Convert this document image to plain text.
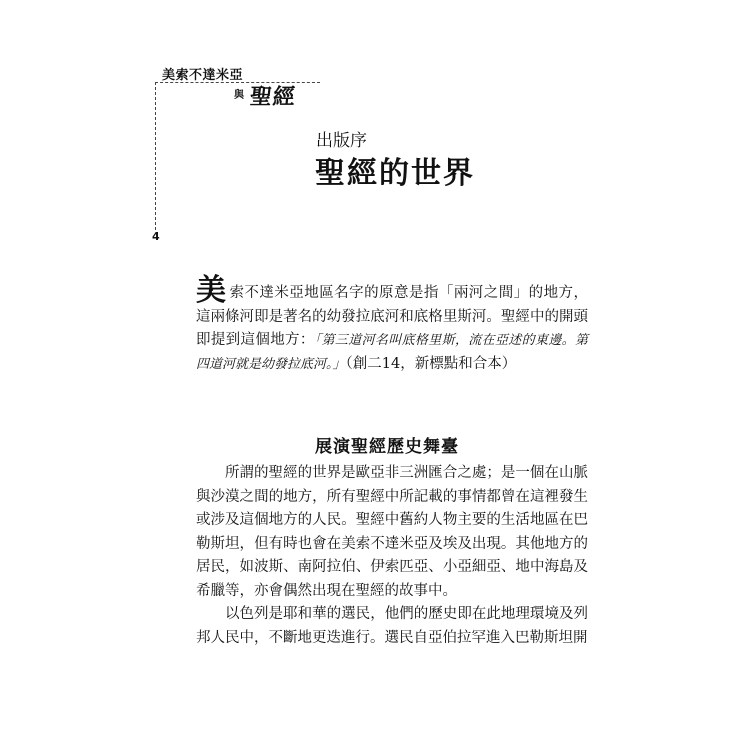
美索不達米亞
與 聖經
4
出版序
聖經的世界

美索不達米亞地區名字的原意是指「兩河之間」的地方，這兩條河即是著名的幼發拉底河和底格里斯河。聖經中的開頭即提到這個地方：「第三道河名叫底格里斯，流在亞述的東邊。第四道河就是幼發拉底河。」（創二14，新標點和合本）

展演聖經歷史舞臺

所謂的聖經的世界是歐亞非三洲匯合之處；是一個在山脈與沙漠之間的地方，所有聖經中所記載的事情都曾在這裡發生或涉及這個地方的人民。聖經中舊約人物主要的生活地區在巴勒斯坦，但有時也會在美索不達米亞及埃及出現。其他地方的居民，如波斯、南阿拉伯、伊索匹亞、小亞細亞、地中海島及希臘等，亦會偶然出現在聖經的故事中。

以色列是耶和華的選民，他們的歷史即在此地理環境及列邦人民中，不斷地更迭進行。選民自亞伯拉罕進入巴勒斯坦開
